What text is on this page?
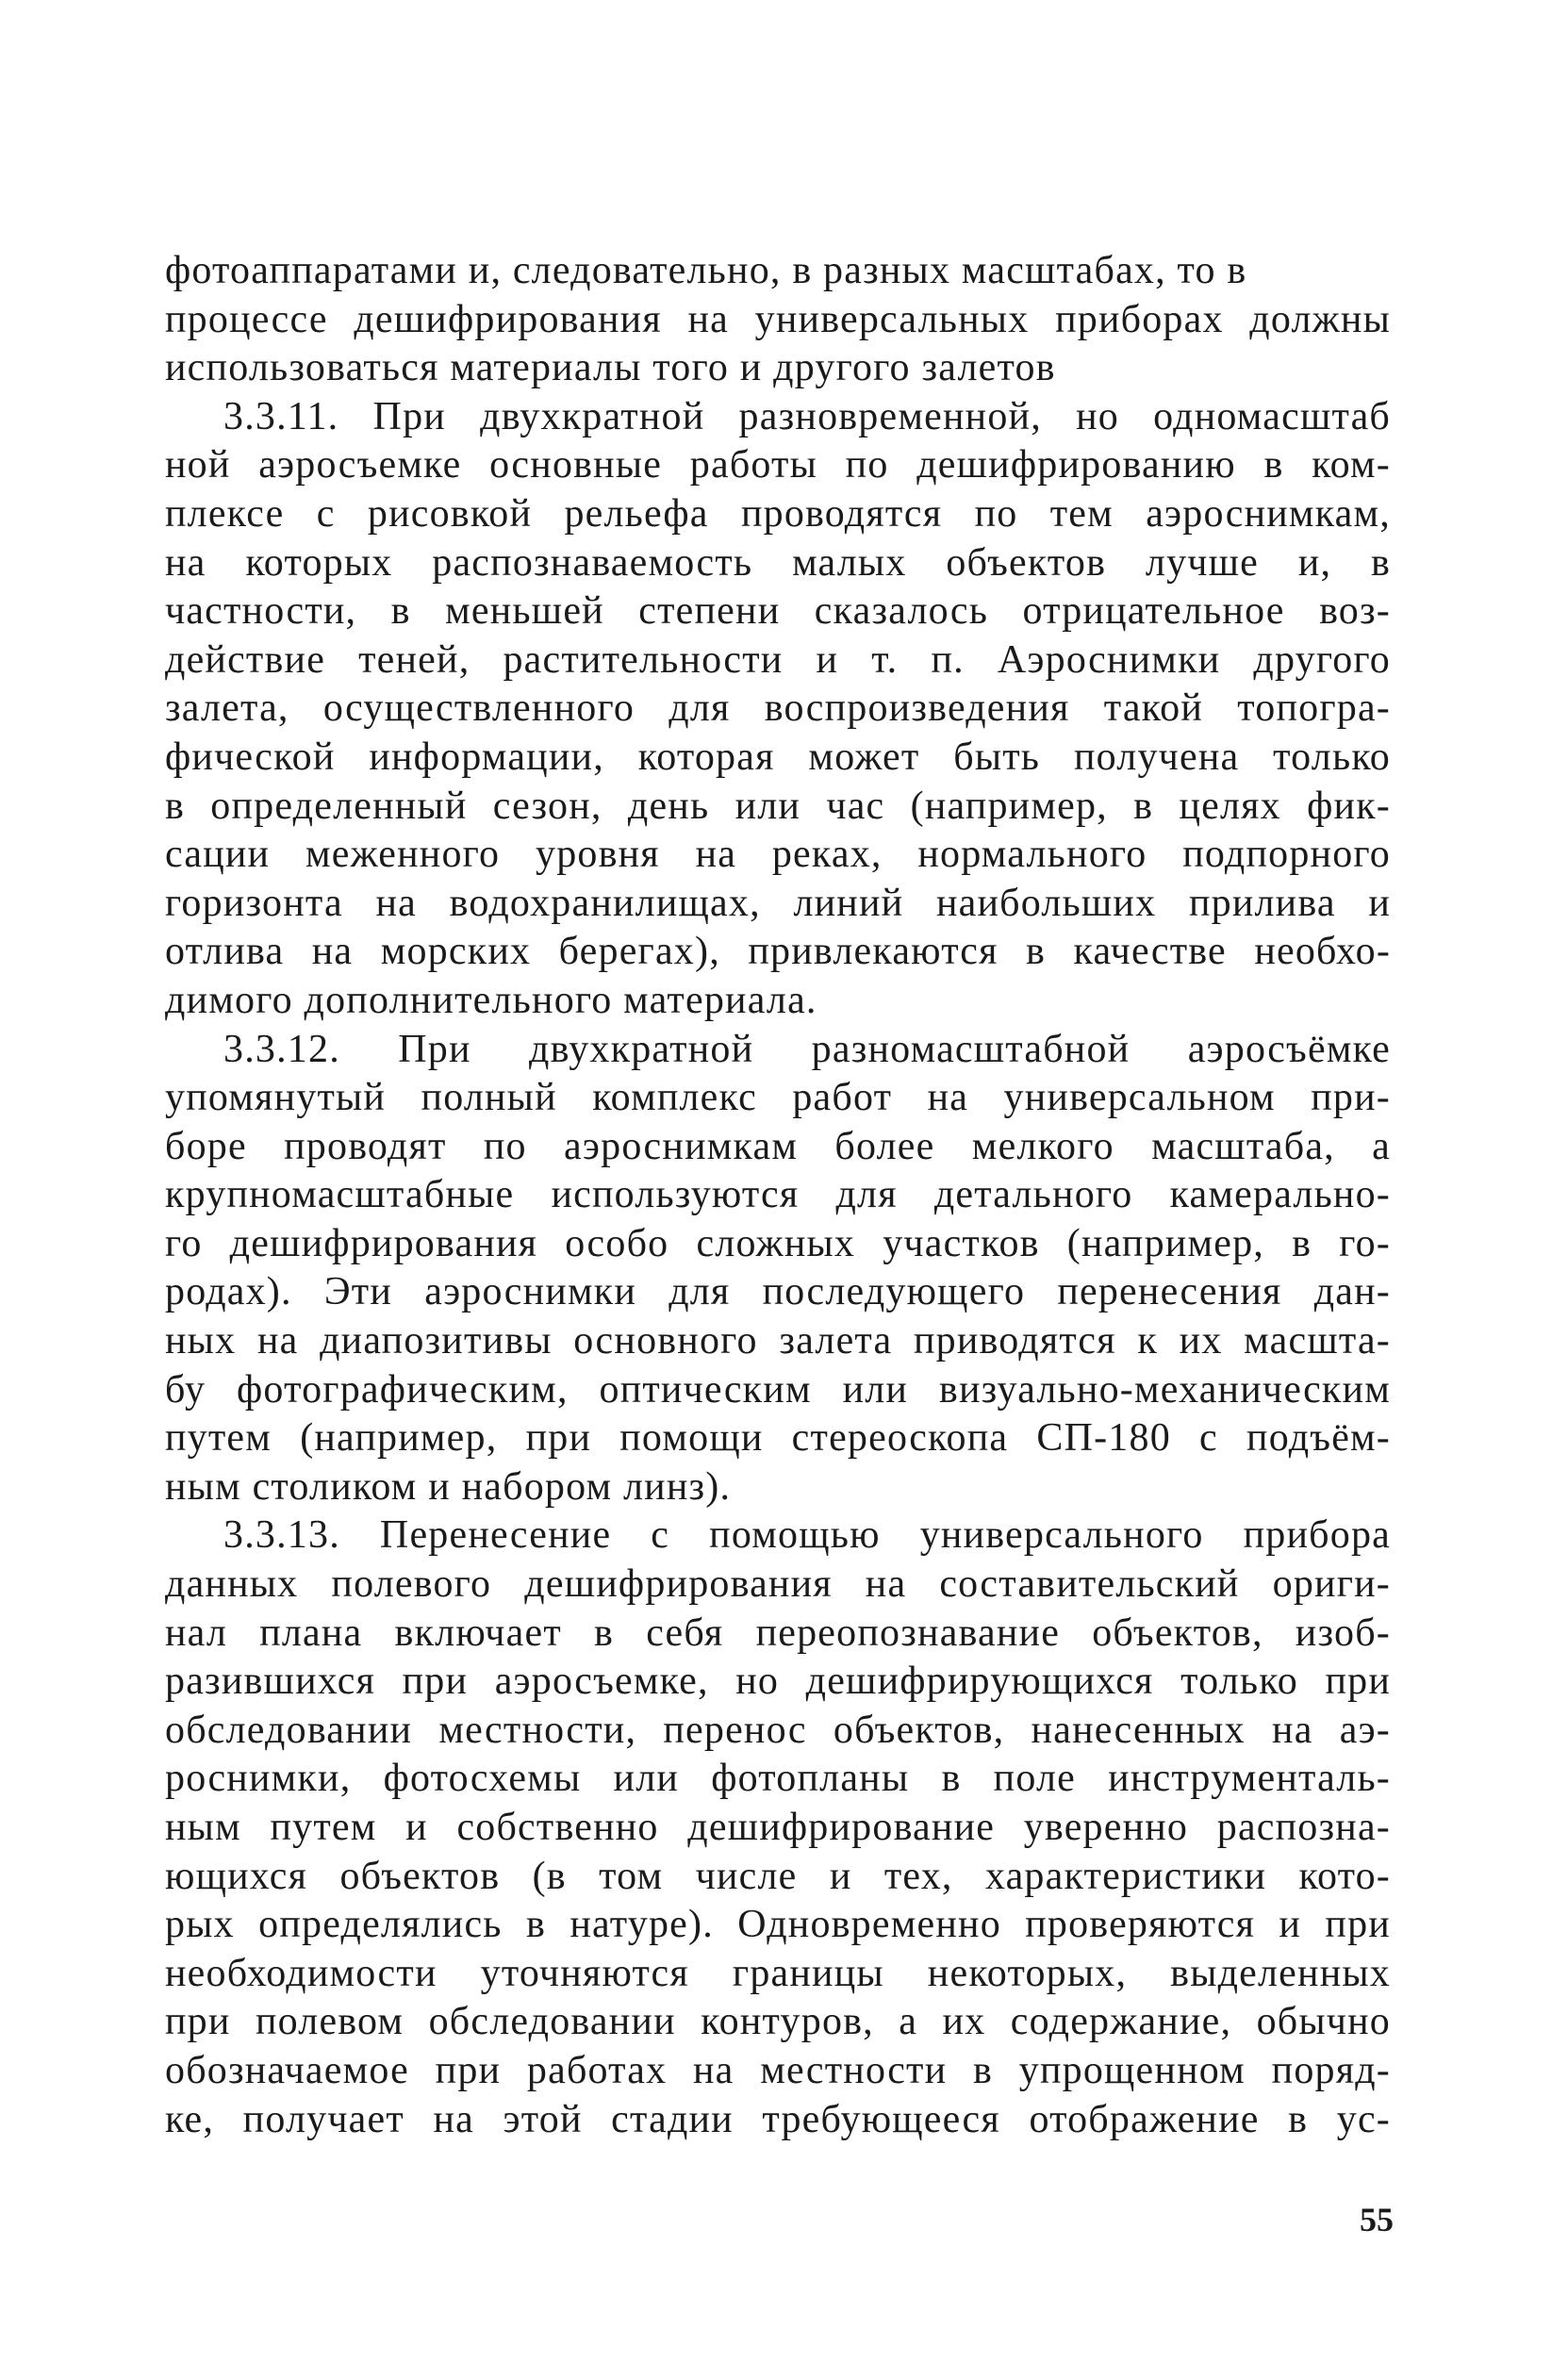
фотоаппаратами и, следовательно, в разных масштабах, то в
процессе дешифрирования на универсальных приборах должны
использоваться материалы того и другого залетов
3.3.11. При двухкратной разновременной, но одномасштаб
ной аэросъемке основные работы по дешифрированию в ком-
плексе с рисовкой рельефа проводятся по тем аэроснимкам,
на которых распознаваемость малых объектов лучше и, в
частности, в меньшей степени сказалось отрицательное воз-
действие теней, растительности и т. п. Аэроснимки другого
залета, осуществленного для воспроизведения такой топогра-
фической информации, которая может быть получена только
в определенный сезон, день или час (например, в целях фик-
сации меженного уровня на реках, нормального подпорного
горизонта на водохранилищах, линий наибольших прилива и
отлива на морских берегах), привлекаются в качестве необхо-
димого дополнительного материала.
3.3.12. При двухкратной разномасштабной аэросъёмке
упомянутый полный комплекс работ на универсальном при-
боре проводят по аэроснимкам более мелкого масштаба, а
крупномасштабные используются для детального камерально-
го дешифрирования особо сложных участков (например, в го-
родах). Эти аэроснимки для последующего перенесения дан-
ных на диапозитивы основного залета приводятся к их масшта-
бу фотографическим, оптическим или визуально-механическим
путем (например, при помощи стереоскопа СП-180 с подъём-
ным столиком и набором линз).
3.3.13. Перенесение с помощью универсального прибора
данных полевого дешифрирования на составительский ориги-
нал плана включает в себя переопознавание объектов, изоб-
разившихся при аэросъемке, но дешифрирующихся только при
обследовании местности, перенос объектов, нанесенных на аэ-
роснимки, фотосхемы или фотопланы в поле инструменталь-
ным путем и собственно дешифрирование уверенно распозна-
ющихся объектов (в том числе и тех, характеристики кото-
рых определялись в натуре). Одновременно проверяются и при
необходимости уточняются границы некоторых, выделенных
при полевом обследовании контуров, а их содержание, обычно
обозначаемое при работах на местности в упрощенном поряд-
ке, получает на этой стадии требующееся отображение в ус-
55
